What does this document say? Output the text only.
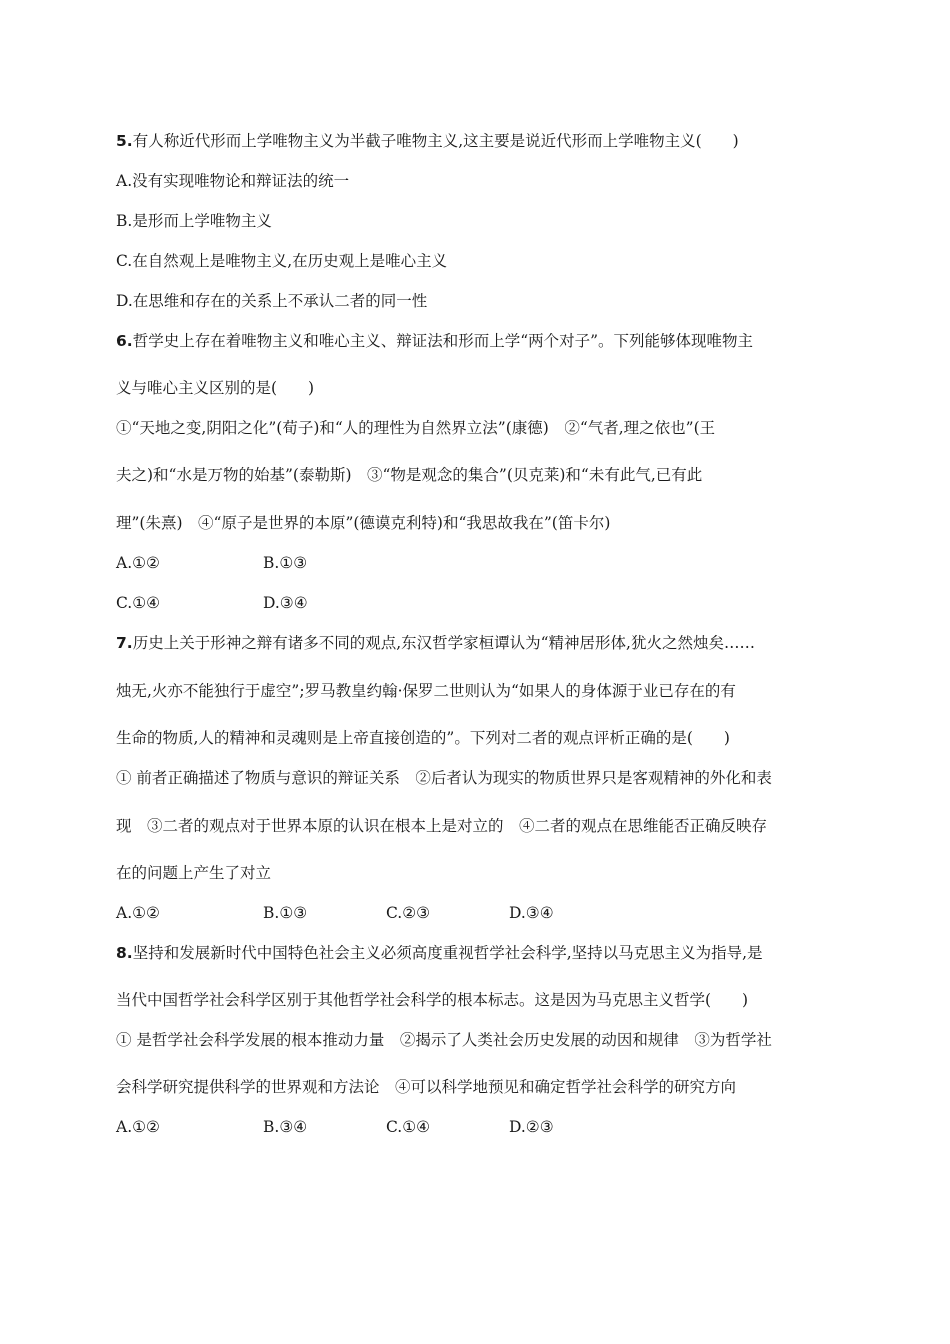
5.有人称近代形而上学唯物主义为半截子唯物主义,这主要是说近代形而上学唯物主义(　　)
A.没有实现唯物论和辩证法的统一
B.是形而上学唯物主义
C.在自然观上是唯物主义,在历史观上是唯心主义
D.在思维和存在的关系上不承认二者的同一性
6.哲学史上存在着唯物主义和唯心主义、辩证法和形而上学“两个对子”。下列能够体现唯物主
义与唯心主义区别的是(　　)
①“天地之变,阴阳之化”(荀子)和“人的理性为自然界立法”(康德)　②“气者,理之依也”(王
夫之)和“水是万物的始基”(泰勒斯)　③“物是观念的集合”(贝克莱)和“未有此气,已有此
理”(朱熹)　④“原子是世界的本原”(德谟克利特)和“我思故我在”(笛卡尔)
A.①②	B.①③
C.①④	D.③④
7.历史上关于形神之辩有诸多不同的观点,东汉哲学家桓谭认为“精神居形体,犹火之然烛矣……
烛无,火亦不能独行于虚空”;罗马教皇约翰·保罗二世则认为“如果人的身体源于业已存在的有
生命的物质,人的精神和灵魂则是上帝直接创造的”。下列对二者的观点评析正确的是(　　)
① 前者正确描述了物质与意识的辩证关系　②后者认为现实的物质世界只是客观精神的外化和表
现　③二者的观点对于世界本原的认识在根本上是对立的　④二者的观点在思维能否正确反映存
在的问题上产生了对立
A.①②	B.①③	C.②③	D.③④
8.坚持和发展新时代中国特色社会主义必须高度重视哲学社会科学,坚持以马克思主义为指导,是
当代中国哲学社会科学区别于其他哲学社会科学的根本标志。这是因为马克思主义哲学(　　)
① 是哲学社会科学发展的根本推动力量　②揭示了人类社会历史发展的动因和规律　③为哲学社
会科学研究提供科学的世界观和方法论　④可以科学地预见和确定哲学社会科学的研究方向
A.①②	B.③④	C.①④	D.②③
